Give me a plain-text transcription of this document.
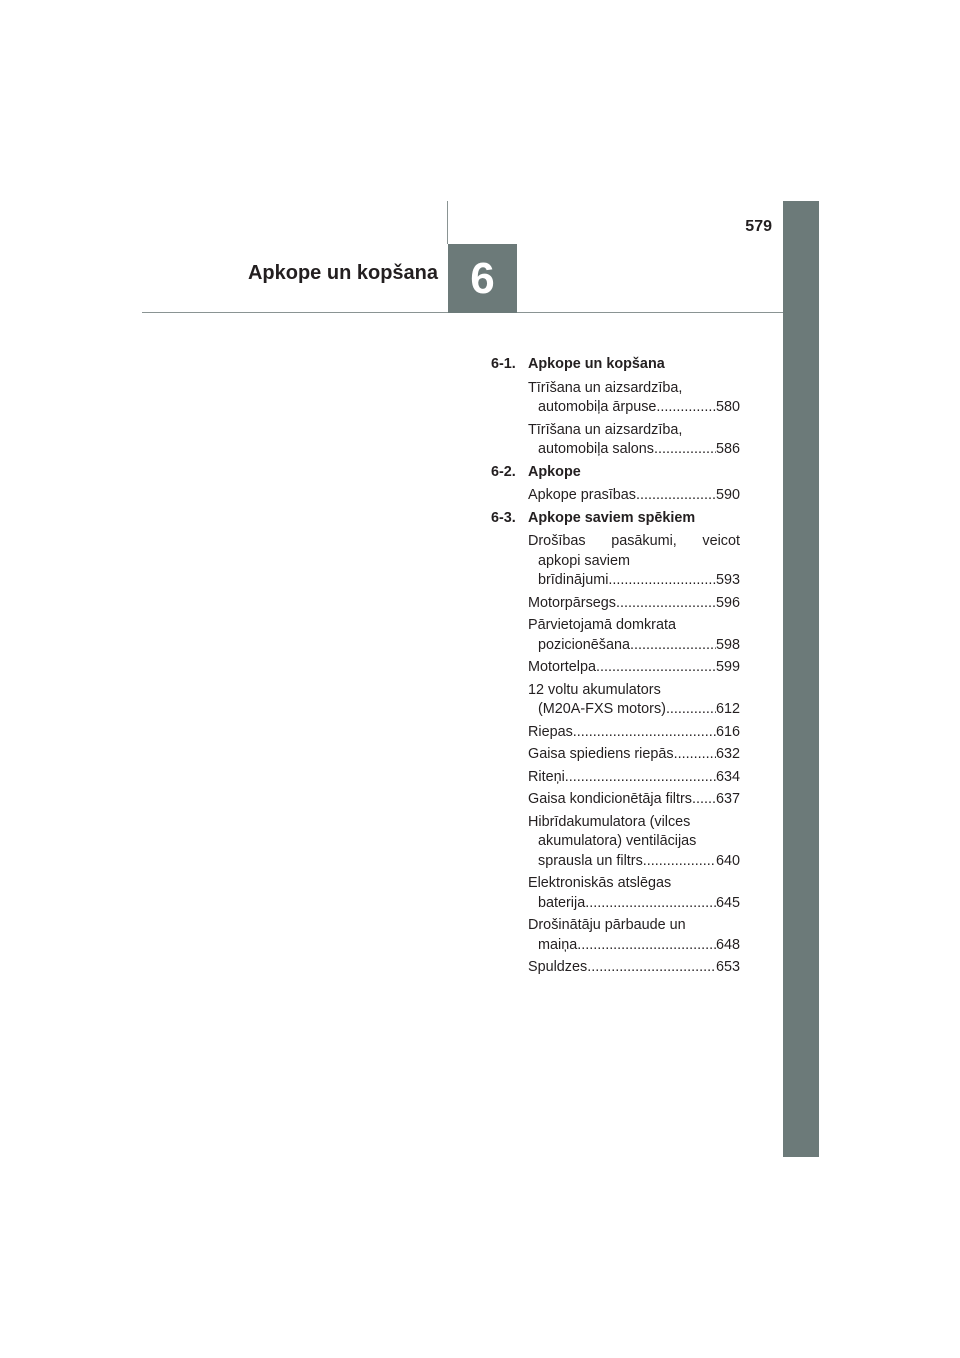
6
Apkope un kopšana
579
6-1. Apkope un kopšana
Tīrīšana un aizsardzība,
automobiļa ārpuse .....	580
Tīrīšana un aizsardzība,
automobiļa salons .....	586
6-2. Apkope
Apkope prasības .....	590
6-3. Apkope saviem spēkiem
Drošības pasākumi, veicot
apkopi saviem
brīdinājumi .....	593
Motorpārsegs .....	596
Pārvietojamā domkrata
pozicionēšana .....	598
Motortelpa .....	599
12 voltu akumulators
(M20A-FXS motors) .....	612
Riepas .....	616
Gaisa spiediens riepās .....	632
Riteņi .....	634
Gaisa kondicionētāja filtrs ..... 637
Hibrīdakumulatora (vilces
akumulatora) ventilācijas
sprausla un filtrs .....	640
Elektroniskās atslēgas
baterija .....	645
Drošinātāju pārbaude un
maiņa .....	648
Spuldzes .....	653
